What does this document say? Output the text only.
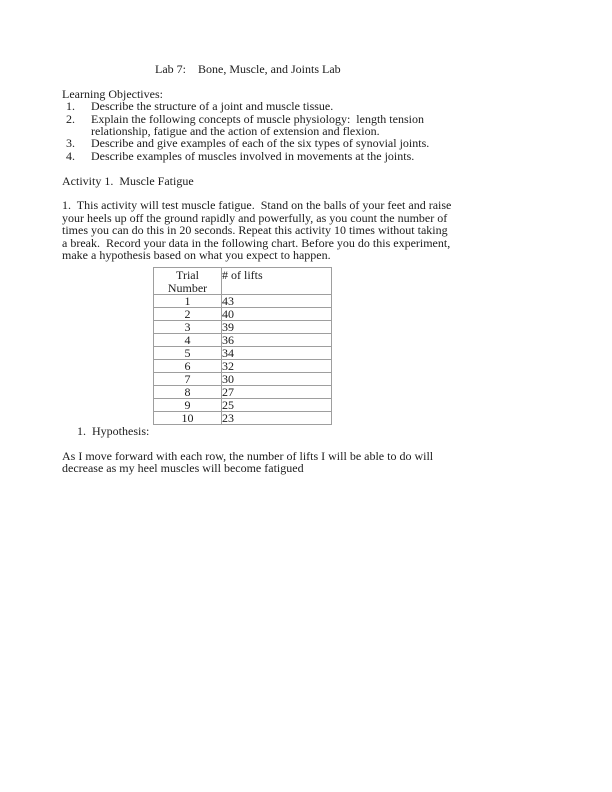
Lab 7: Bone, Muscle, and Joints Lab
Learning Objectives:
1.	Describe the structure of a joint and muscle tissue.
2.	Explain the following concepts of muscle physiology:  length tension relationship, fatigue and the action of extension and flexion.
3.	Describe and give examples of each of the six types of synovial joints.
4.	Describe examples of muscles involved in movements at the joints.
Activity 1.  Muscle Fatigue
1.  This activity will test muscle fatigue.  Stand on the balls of your feet and raise your heels up off the ground rapidly and powerfully, as you count the number of times you can do this in 20 seconds. Repeat this activity 10 times without taking a break.  Record your data in the following chart. Before you do this experiment, make a hypothesis based on what you expect to happen.
Trial Number	# of lifts
1	43
2	40
3	39
4	36
5	34
6	32
7	30
8	27
9	25
10	23
1.  Hypothesis:
As I move forward with each row, the number of lifts I will be able to do will decrease as my heel muscles will become fatigued
